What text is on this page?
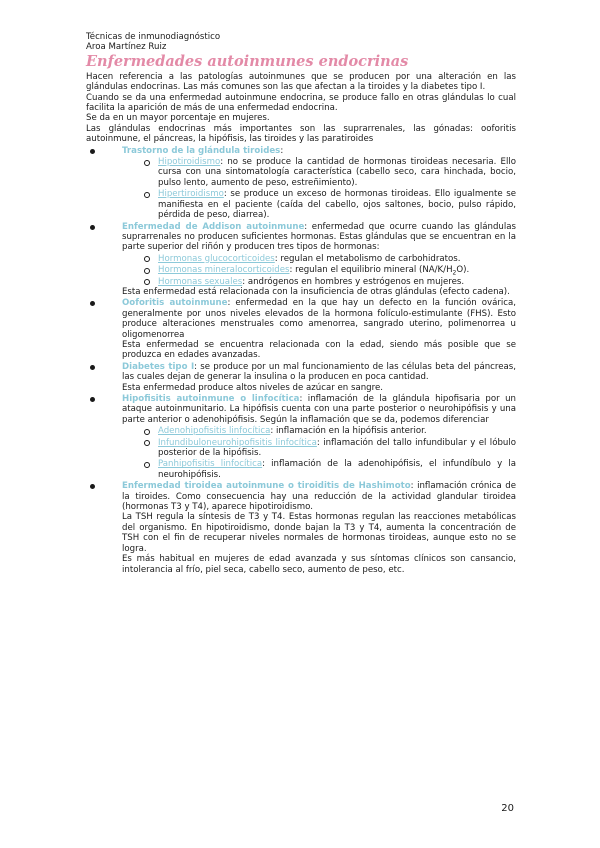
Técnicas de inmunodiagnóstico

Aroa Martínez Ruiz

Enfermedades autoinmunes endocrinas

Hacen referencia a las patologías autoinmunes que se producen por una alteración en las glándulas endocrinas. Las más comunes son las que afectan a la tiroides y la diabetes tipo I.

Cuando se da una enfermedad autoinmune endocrina, se produce fallo en otras glándulas lo cual facilita la aparición de más de una enfermedad endocrina.

Se da en un mayor porcentaje en mujeres.

Las glándulas endocrinas más importantes son las suprarrenales, las gónadas: ooforitis autoinmune, el páncreas, la hipófisis, las tiroides y las paratiroides

Trastorno de la glándula tiroides:

Hipotiroidismo: no se produce la cantidad de hormonas tiroideas necesaria. Ello cursa con una sintomatología característica (cabello seco, cara hinchada, bocio, pulso lento, aumento de peso, estreñimiento).

Hipertiroidismo: se produce un exceso de hormonas tiroideas. Ello igualmente se manifiesta en el paciente (caída del cabello, ojos saltones, bocio, pulso rápido, pérdida de peso, diarrea).

Enfermedad de Addison autoinmune: enfermedad que ocurre cuando las glándulas suprarrenales no producen suficientes hormonas. Estas glándulas que se encuentran en la parte superior del riñón y producen tres tipos de hormonas:

Hormonas glucocorticoides: regulan el metabolismo de carbohidratos.

Hormonas mineralocorticoides: regulan el equilibrio mineral $(NA/K/H_2O)$.

Hormonas sexuales: andrógenos en hombres y estrógenos en mujeres.

Esta enfermedad está relacionada con la insuficiencia de otras glándulas (efecto cadena).

Ooforitis autoinmune: enfermedad en la que hay un defecto en la función ovárica, generalmente por unos niveles elevados de la hormona folículo-estimulante (FHS). Esto produce alteraciones menstruales como amenorrea, sangrado uterino, polimenorrea u oligomenorrea

Esta enfermedad se encuentra relacionada con la edad, siendo más posible que se produzca en edades avanzadas.

Diabetes tipo I: se produce por un mal funcionamiento de las células beta del páncreas, las cuales dejan de generar la insulina o la producen en poca cantidad.

Esta enfermedad produce altos niveles de azúcar en sangre.

Hipofisitis autoinmune o linfocítica: inflamación de la glándula hipofisaria por un ataque autoinmunitario. La hipófisis cuenta con una parte posterior o neurohipófisis y una parte anterior o adenohipófisis. Según la inflamación que se da, podemos diferenciar

Adenohipofisitis linfocítica: inflamación en la hipófisis anterior.

Infundibuloneurohipofisitis linfocítica: inflamación del tallo infundibular y el lóbulo posterior de la hipófisis.

Panhipofisitis linfocítica: inflamación de la adenohipófisis, el infundíbulo y la neurohipófisis.

Enfermedad tiroidea autoinmune o tiroiditis de Hashimoto: inflamación crónica de la tiroides. Como consecuencia hay una reducción de la actividad glandular tiroidea (hormonas T3 y T4), aparece hipotiroidismo.

La TSH regula la síntesis de T3 y T4. Estas hormonas regulan las reacciones metabólicas del organismo. En hipotiroidismo, donde bajan la T3 y T4, aumenta la concentración de TSH con el fin de recuperar niveles normales de hormonas tiroideas, aunque esto no se logra.

Es más habitual en mujeres de edad avanzada y sus síntomas clínicos son cansancio, intolerancia al frío, piel seca, cabello seco, aumento de peso, etc.

20
